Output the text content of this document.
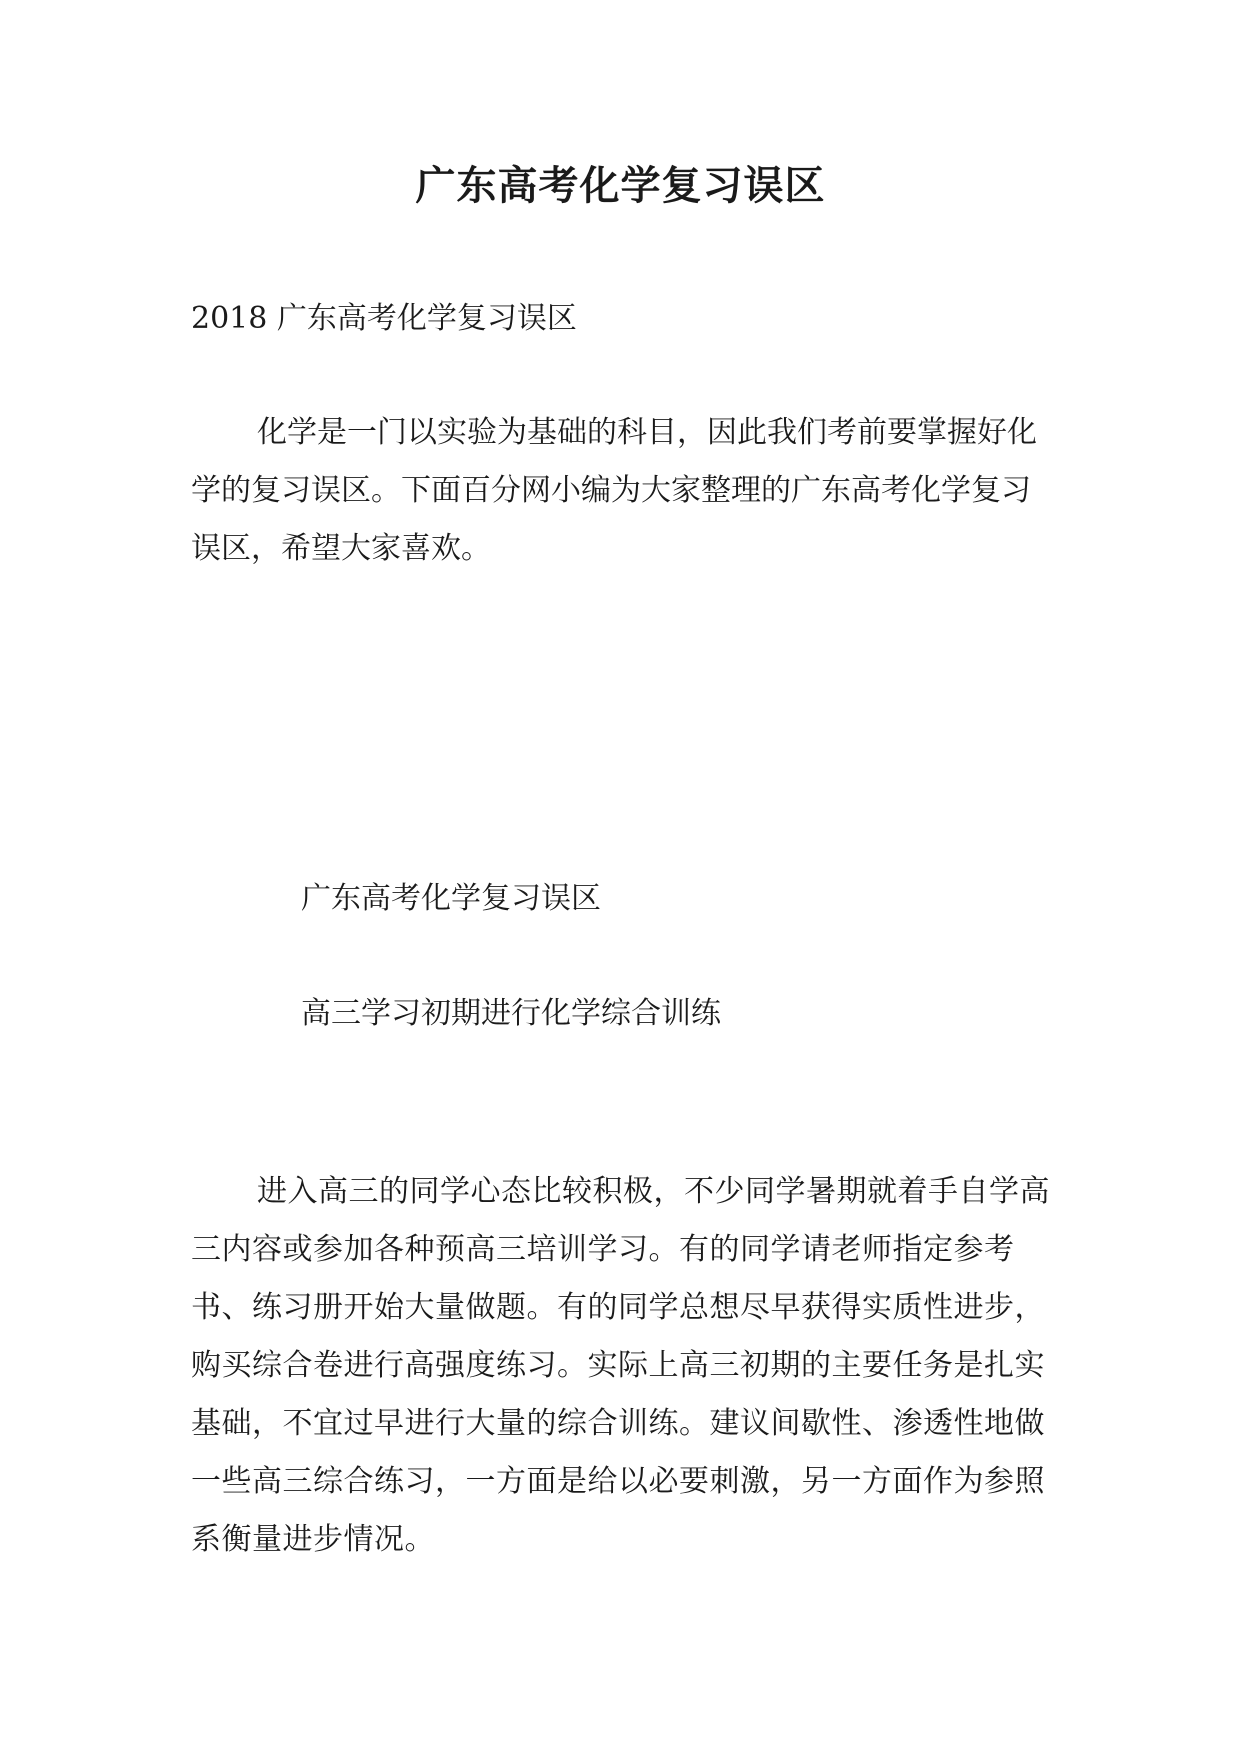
广东高考化学复习误区

2018 广东高考化学复习误区

化学是一门以实验为基础的科目，因此我们考前要掌握好化学的复习误区。下面百分网小编为大家整理的广东高考化学复习误区，希望大家喜欢。

广东高考化学复习误区

高三学习初期进行化学综合训练

进入高三的同学心态比较积极，不少同学暑期就着手自学高三内容或参加各种预高三培训学习。有的同学请老师指定参考书、练习册开始大量做题。有的同学总想尽早获得实质性进步，购买综合卷进行高强度练习。实际上高三初期的主要任务是扎实基础，不宜过早进行大量的综合训练。建议间歇性、渗透性地做一些高三综合练习，一方面是给以必要刺激，另一方面作为参照系衡量进步情况。
